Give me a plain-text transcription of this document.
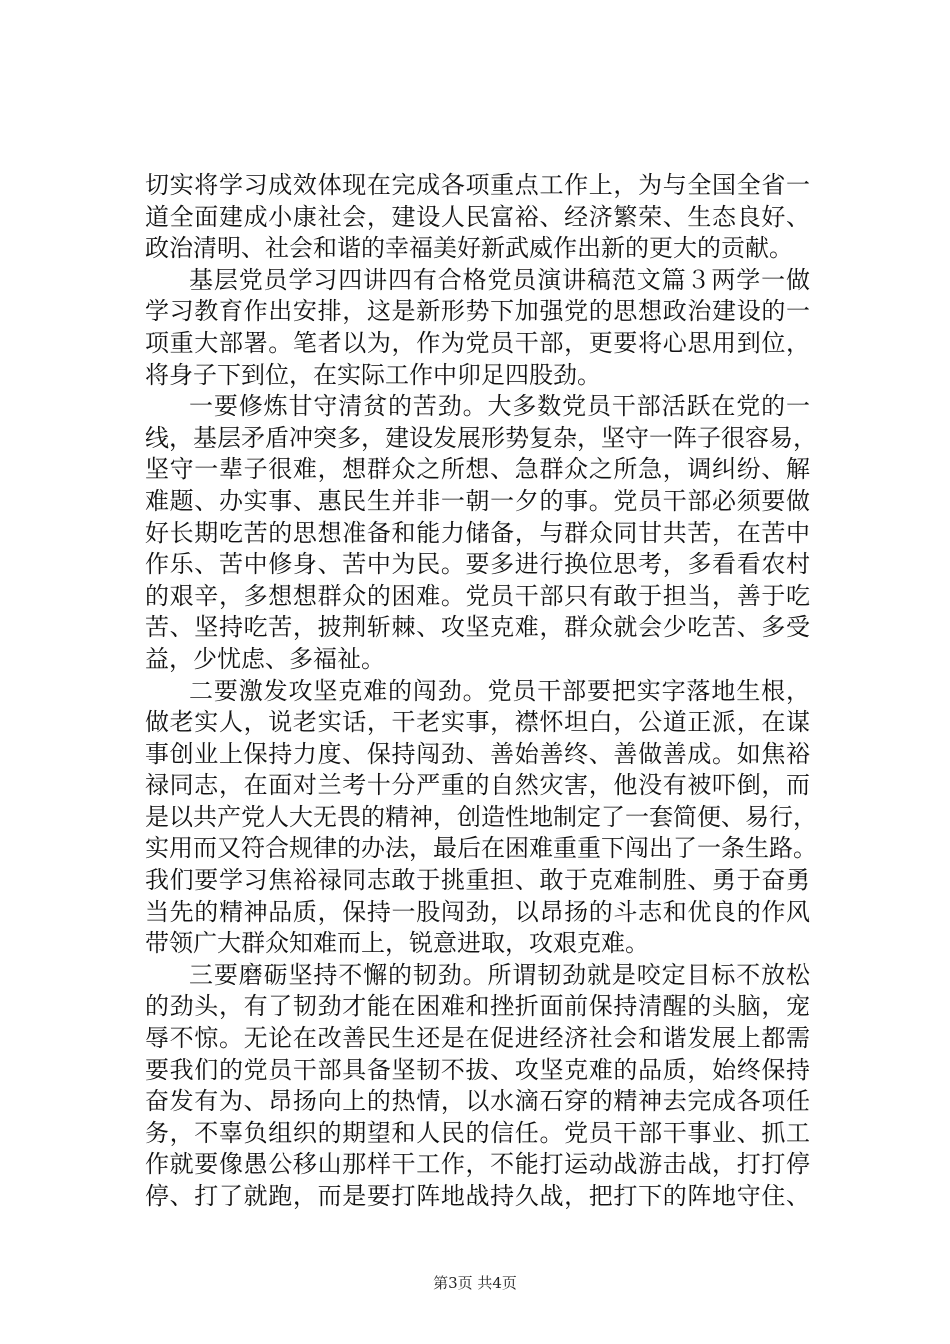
切实将学习成效体现在完成各项重点工作上，为与全国全省一
道全面建成小康社会，建设人民富裕、经济繁荣、生态良好、
政治清明、社会和谐的幸福美好新武威作出新的更大的贡献。
基层党员学习四讲四有合格党员演讲稿范文篇３两学一做
学习教育作出安排，这是新形势下加强党的思想政治建设的一
项重大部署。笔者以为，作为党员干部，更要将心思用到位，
将身子下到位，在实际工作中卯足四股劲。
一要修炼甘守清贫的苦劲。大多数党员干部活跃在党的一
线，基层矛盾冲突多，建设发展形势复杂，坚守一阵子很容易，
坚守一辈子很难，想群众之所想、急群众之所急，调纠纷、解
难题、办实事、惠民生并非一朝一夕的事。党员干部必须要做
好长期吃苦的思想准备和能力储备，与群众同甘共苦，在苦中
作乐、苦中修身、苦中为民。要多进行换位思考，多看看农村
的艰辛，多想想群众的困难。党员干部只有敢于担当，善于吃
苦、坚持吃苦，披荆斩棘、攻坚克难，群众就会少吃苦、多受
益，少忧虑、多福祉。
二要激发攻坚克难的闯劲。党员干部要把实字落地生根，
做老实人，说老实话，干老实事，襟怀坦白，公道正派，在谋
事创业上保持力度、保持闯劲、善始善终、善做善成。如焦裕
禄同志，在面对兰考十分严重的自然灾害，他没有被吓倒，而
是以共产党人大无畏的精神，创造性地制定了一套简便、易行，
实用而又符合规律的办法，最后在困难重重下闯出了一条生路。
我们要学习焦裕禄同志敢于挑重担、敢于克难制胜、勇于奋勇
当先的精神品质，保持一股闯劲，以昂扬的斗志和优良的作风
带领广大群众知难而上，锐意进取，攻艰克难。
三要磨砺坚持不懈的韧劲。所谓韧劲就是咬定目标不放松
的劲头，有了韧劲才能在困难和挫折面前保持清醒的头脑，宠
辱不惊。无论在改善民生还是在促进经济社会和谐发展上都需
要我们的党员干部具备坚韧不拔、攻坚克难的品质，始终保持
奋发有为、昂扬向上的热情，以水滴石穿的精神去完成各项任
务，不辜负组织的期望和人民的信任。党员干部干事业、抓工
作就要像愚公移山那样干工作，不能打运动战游击战，打打停
停、打了就跑，而是要打阵地战持久战，把打下的阵地守住、
第3页 共4页
